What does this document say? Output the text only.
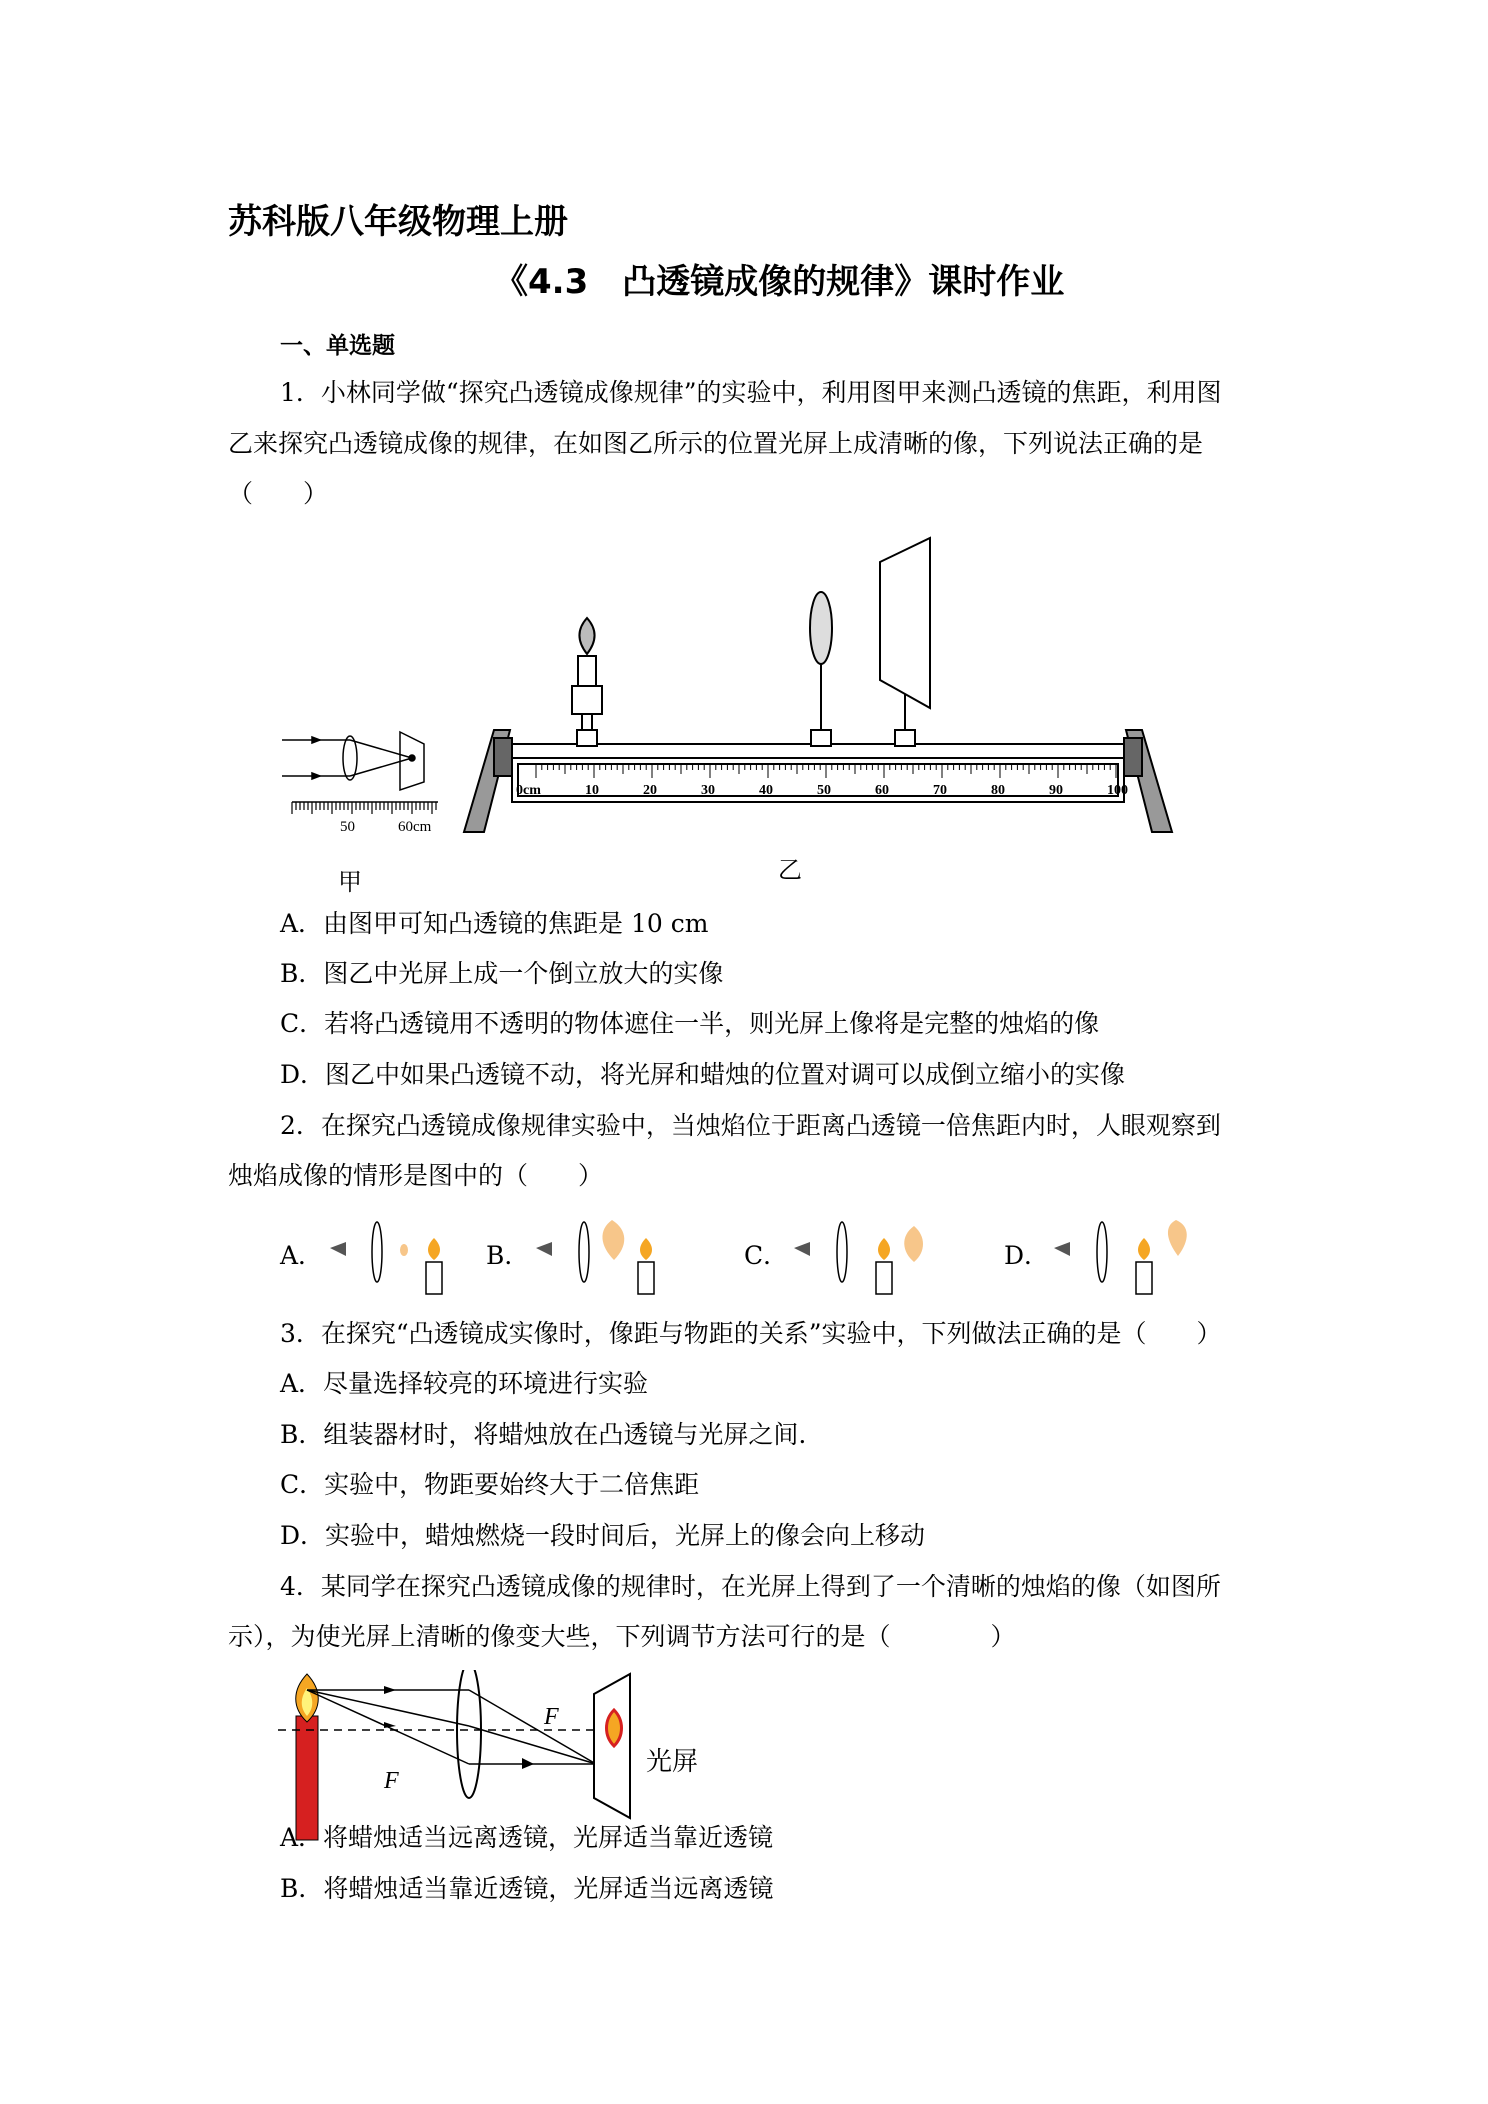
苏科版八年级物理上册
《4.3　凸透镜成像的规律》课时作业
一、单选题
1．小林同学做“探究凸透镜成像规律”的实验中，利用图甲来测凸透镜的焦距，利用图
乙来探究凸透镜成像的规律，在如图乙所示的位置光屏上成清晰的像，下列说法正确的是
（　　）
50	60cm
甲
0cm	10	20	30	40	50	60	70	80	90	100
乙
A．由图甲可知凸透镜的焦距是 10 cm
B．图乙中光屏上成一个倒立放大的实像
C．若将凸透镜用不透明的物体遮住一半，则光屏上像将是完整的烛焰的像
D．图乙中如果凸透镜不动，将光屏和蜡烛的位置对调可以成倒立缩小的实像
2．在探究凸透镜成像规律实验中，当烛焰位于距离凸透镜一倍焦距内时，人眼观察到
烛焰成像的情形是图中的（　　）
A．	B．	C．	D．
3．在探究“凸透镜成实像时，像距与物距的关系”实验中，下列做法正确的是（　　）
A．尽量选择较亮的环境进行实验
B．组装器材时，将蜡烛放在凸透镜与光屏之间.
C．实验中，物距要始终大于二倍焦距
D．实验中，蜡烛燃烧一段时间后，光屏上的像会向上移动
4．某同学在探究凸透镜成像的规律时，在光屏上得到了一个清晰的烛焰的像（如图所
示），为使光屏上清晰的像变大些，下列调节方法可行的是（　　　　）
F
F
光屏
A．将蜡烛适当远离透镜，光屏适当靠近透镜
B．将蜡烛适当靠近透镜，光屏适当远离透镜
